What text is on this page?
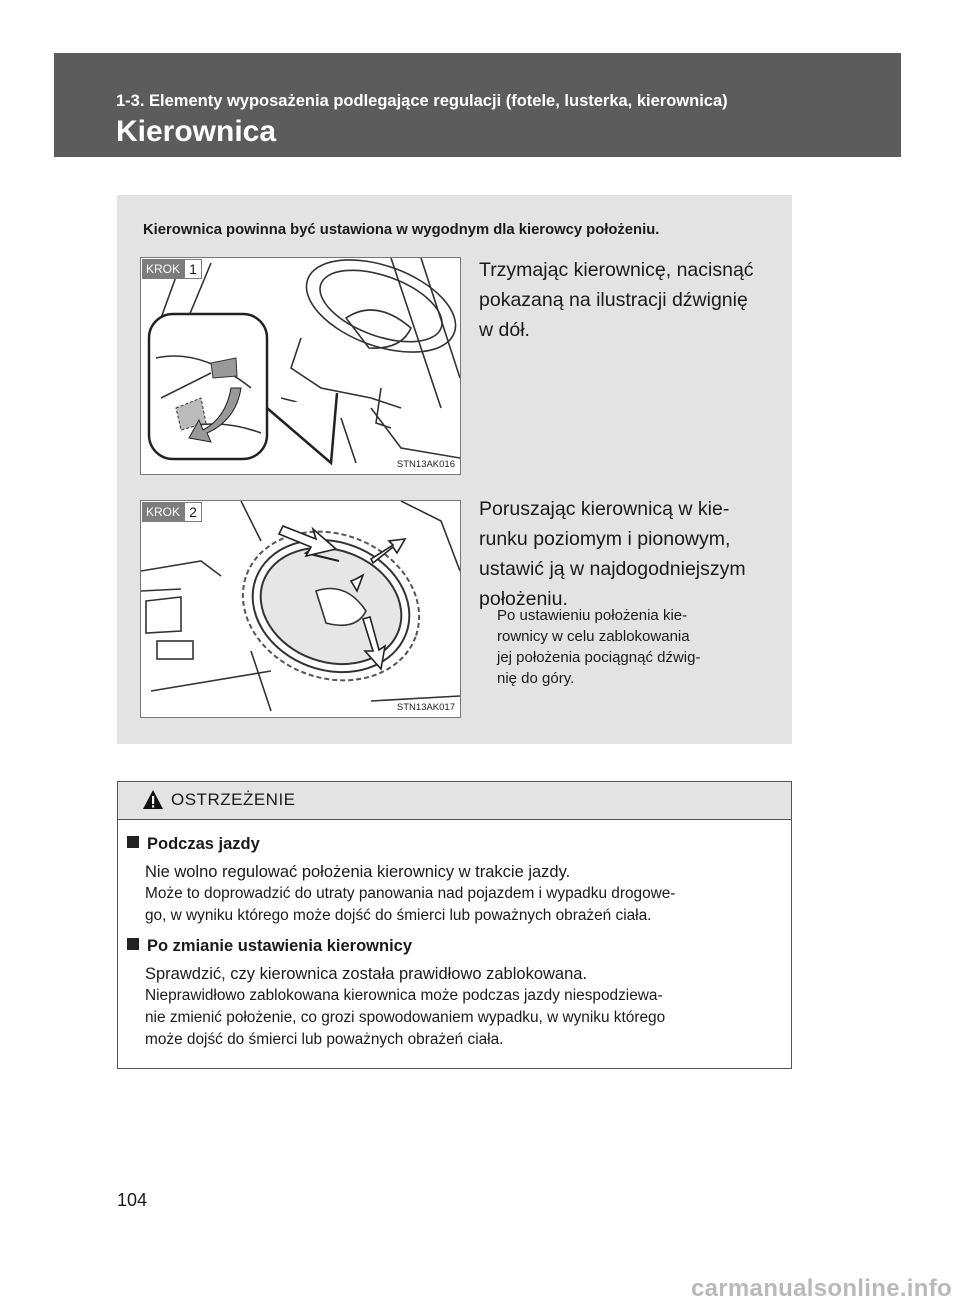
1-3. Elementy wyposażenia podlegające regulacji (fotele, lusterka, kierownica)
Kierownica
Kierownica powinna być ustawiona w wygodnym dla kierowcy położeniu.
KROK 1
STN13AK016
Trzymając kierownicę, nacisnąć
pokazaną na ilustracji dźwignię
w dół.
KROK 2
STN13AK017
Poruszając kierownicą w kie-
runku poziomym i pionowym,
ustawić ją w najdogodniejszym
położeniu.
Po ustawieniu położenia kie-
rownicy w celu zablokowania
jej położenia pociągnąć dźwig-
nię do góry.
OSTRZEŻENIE
Podczas jazdy
Nie wolno regulować położenia kierownicy w trakcie jazdy.
Może to doprowadzić do utraty panowania nad pojazdem i wypadku drogowe-
go, w wyniku którego może dojść do śmierci lub poważnych obrażeń ciała.
Po zmianie ustawienia kierownicy
Sprawdzić, czy kierownica została prawidłowo zablokowana.
Nieprawidłowo zablokowana kierownica może podczas jazdy niespodziewa-
nie zmienić położenie, co grozi spowodowaniem wypadku, w wyniku którego
może dojść do śmierci lub poważnych obrażeń ciała.
104
carmanualsonline.info
